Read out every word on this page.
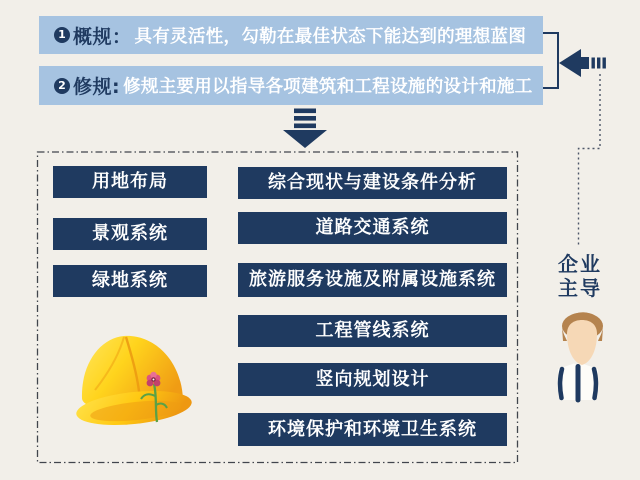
1 概规： 具有灵活性，勾勒在最佳状态下能达到的理想蓝图
2 修规: 修规主要用以指导各项建筑和工程设施的设计和施工
用地布局
景观系统
绿地系统
综合现状与建设条件分析
道路交通系统
旅游服务设施及附属设施系统
工程管线系统
竖向规划设计
环境保护和环境卫生系统
企业
主导
